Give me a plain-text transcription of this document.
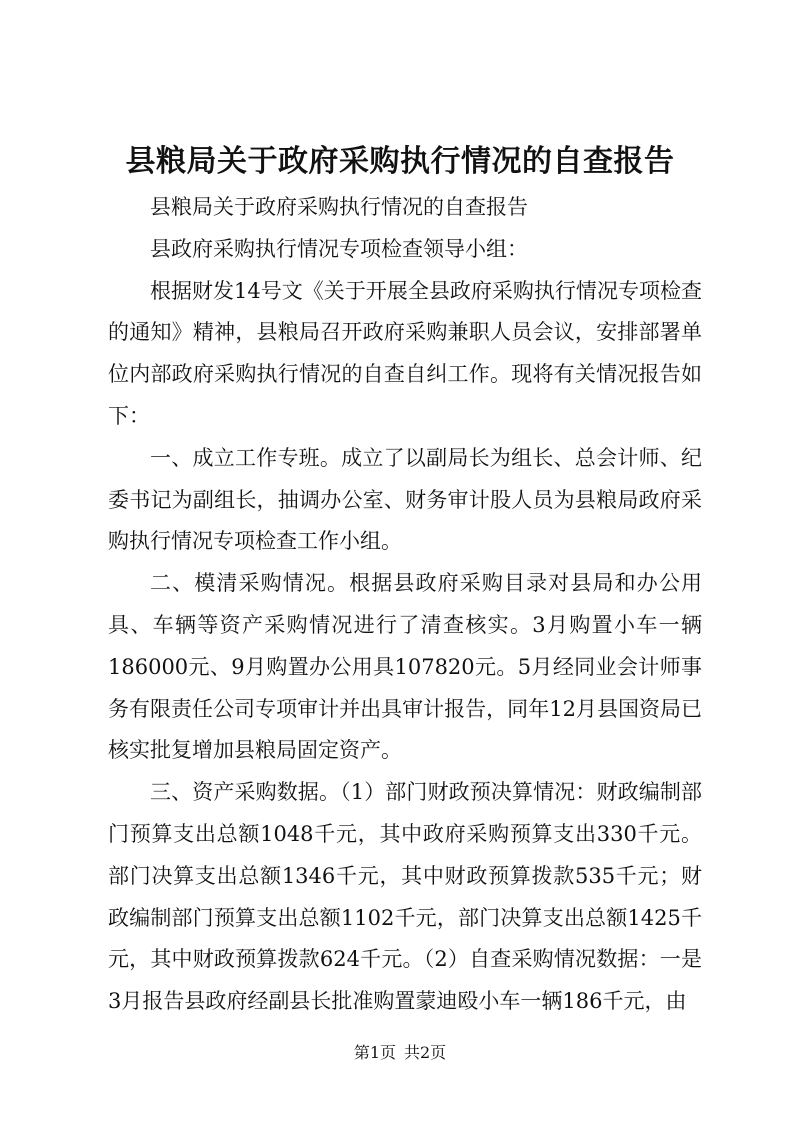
县粮局关于政府采购执行情况的自查报告

县粮局关于政府采购执行情况的自查报告

县政府采购执行情况专项检查领导小组：

根据财发14号文《关于开展全县政府采购执行情况专项检查的通知》精神，县粮局召开政府采购兼职人员会议，安排部署单位内部政府采购执行情况的自查自纠工作。现将有关情况报告如下：

一、成立工作专班。成立了以副局长为组长、总会计师、纪委书记为副组长，抽调办公室、财务审计股人员为县粮局政府采购执行情况专项检查工作小组。

二、模清采购情况。根据县政府采购目录对县局和办公用具、车辆等资产采购情况进行了清查核实。3月购置小车一辆186000元、9月购置办公用具107820元。5月经同业会计师事务有限责任公司专项审计并出具审计报告，同年12月县国资局已核实批复增加县粮局固定资产。

三、资产采购数据。（1）部门财政预决算情况：财政编制部门预算支出总额1048千元，其中政府采购预算支出330千元。部门决算支出总额1346千元，其中财政预算拨款535千元；财政编制部门预算支出总额1102千元，部门决算支出总额1425千元，其中财政预算拨款624千元。（2）自查采购情况数据：一是3月报告县政府经副县长批准购置蒙迪殴小车一辆186千元，由

第1页 共2页
